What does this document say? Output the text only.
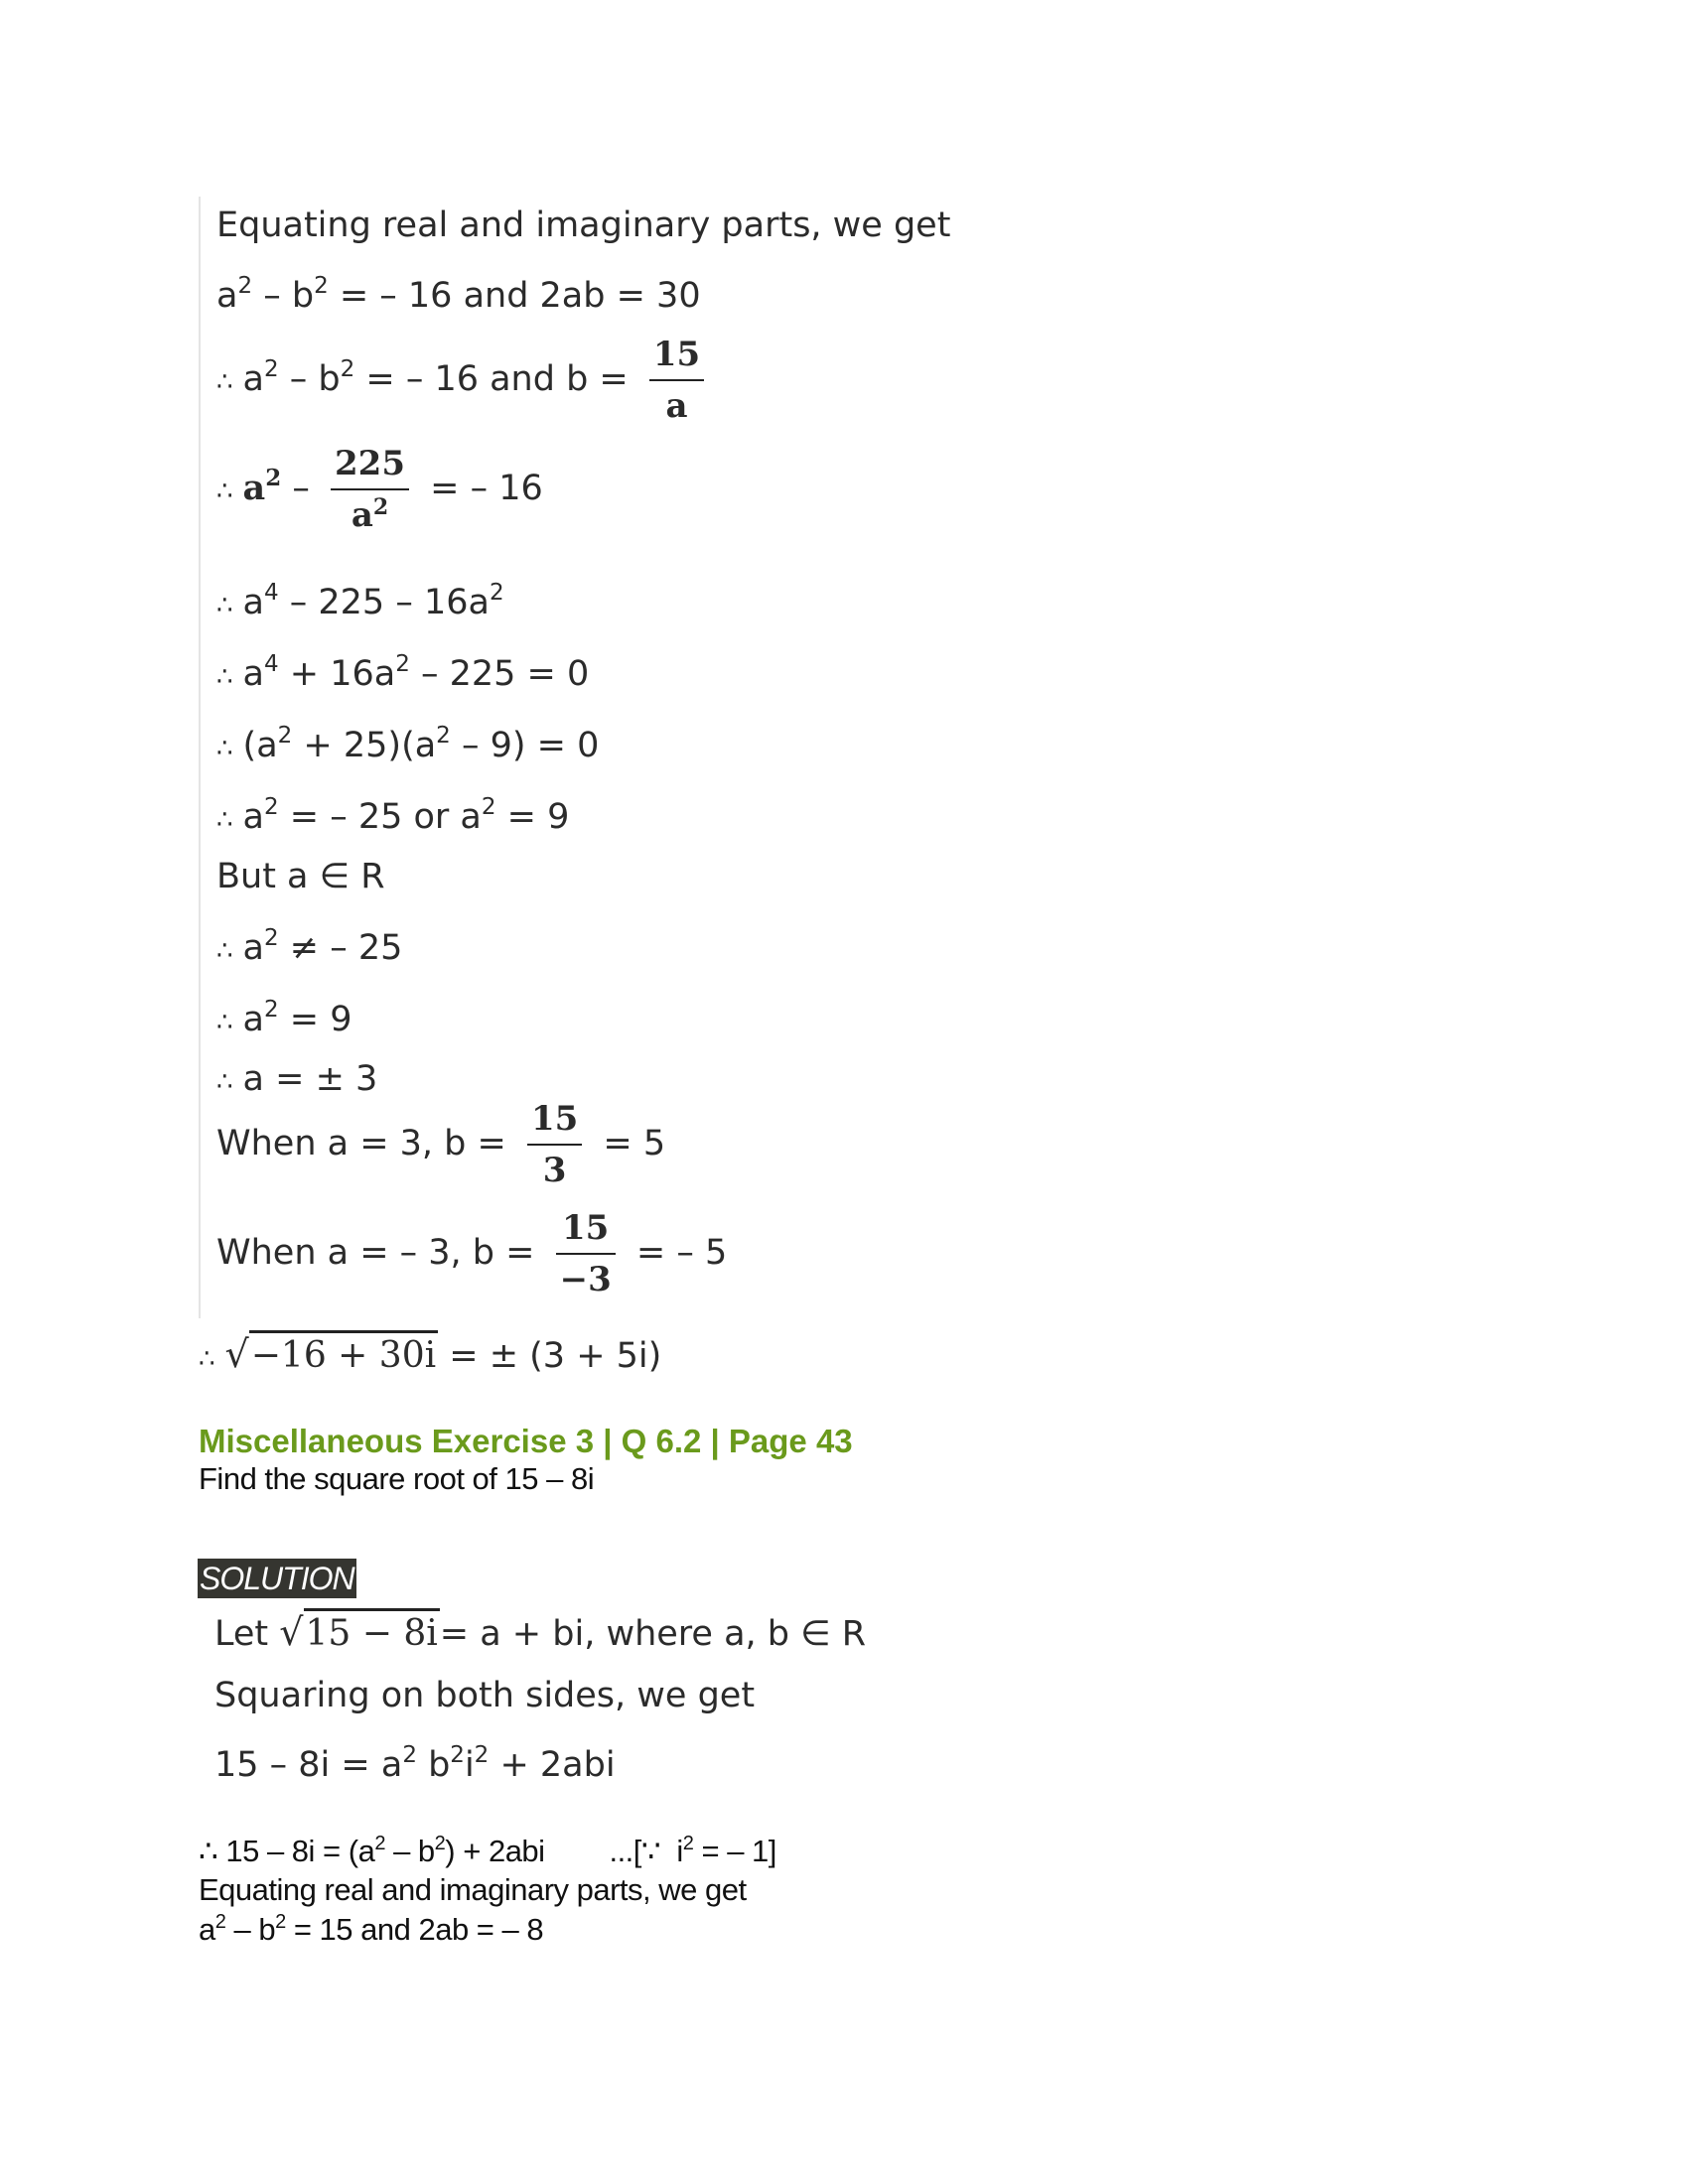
Equating real and imaginary parts, we get
$a^2 - b^2$ = – 16 and 2ab = 30
∴ $a^2 - b^2$ = – 16 and $b = \frac{15}{a}$
∴ $a^2 - \frac{225}{a^2}$ = – 16
∴ $a^4 - 225 - 16a^2$
∴ $a^4 + 16a^2 - 225 = 0$
∴ $(a^2 + 25)(a^2 - 9) = 0$
∴ $a^2$ = – 25 or $a^2 = 9$
But a ∈ R
∴ $a^2$ ≠ – 25
∴ $a^2 = 9$
∴ a = ± 3
When a = 3, $b = \frac{15}{3} = 5$
When a = – 3, $b = \frac{15}{-3}$ = – 5
∴ √−16 + 30i = ± (3 + 5i)
Miscellaneous Exercise 3 | Q 6.2 | Page 43
Find the square root of 15 – 8i
SOLUTION
Let √15 − 8i= a + bi, where a, b ∈ R
Squaring on both sides, we get
$15 - 8i = a^2$ $b^2i^2 + 2abi$
∴ $15 - 8i = (a^2 - b^2) + 2abi$        ...[∵  $i^2$ = – 1]
Equating real and imaginary parts, we get
$a^2 - b^2 = 15$ and 2ab = – 8
